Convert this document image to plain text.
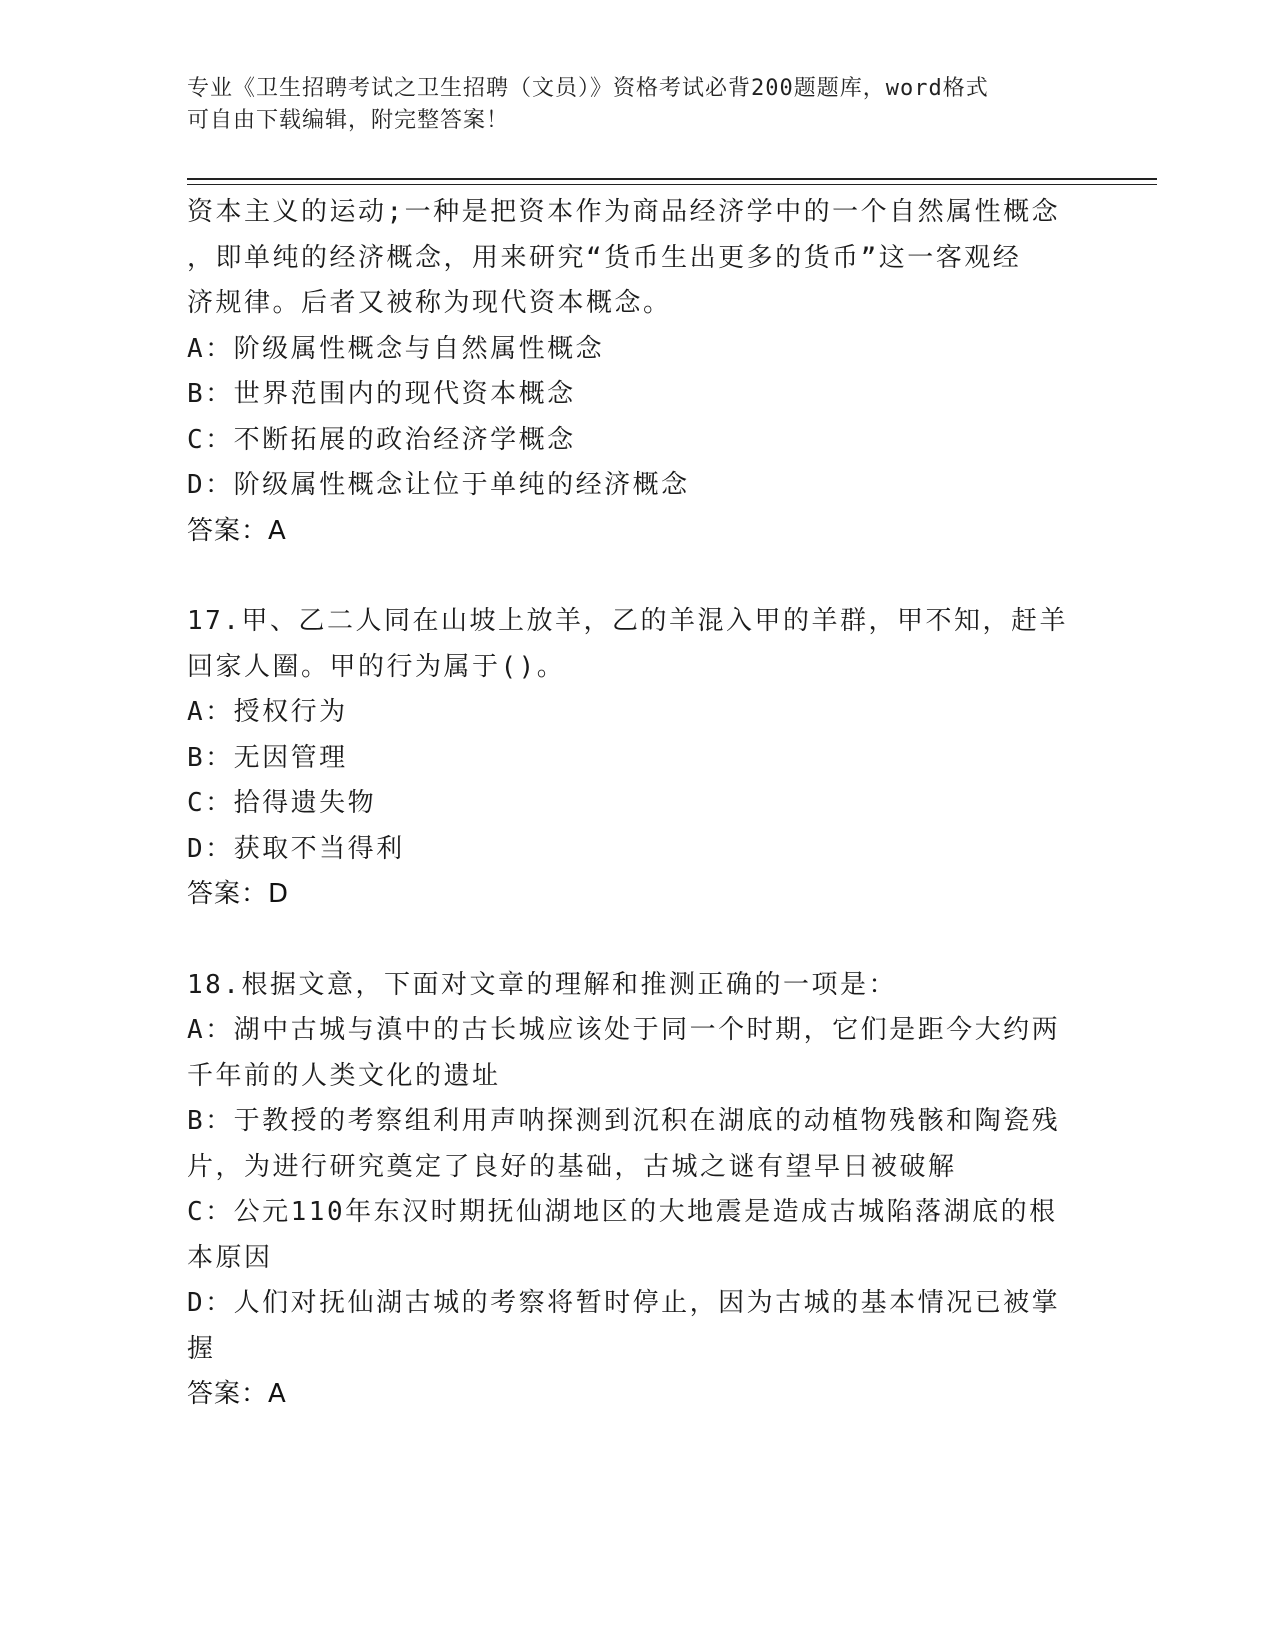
专业《卫生招聘考试之卫生招聘（文员）》资格考试必背200题题库，word格式
可自由下载编辑，附完整答案！

资本主义的运动;一种是把资本作为商品经济学中的一个自然属性概念

，即单纯的经济概念，用来研究“货币生出更多的货币”这一客观经

济规律。后者又被称为现代资本概念。

A：阶级属性概念与自然属性概念

B：世界范围内的现代资本概念

C：不断拓展的政治经济学概念

D：阶级属性概念让位于单纯的经济概念

答案：A

17.甲、乙二人同在山坡上放羊，乙的羊混入甲的羊群，甲不知，赶羊

回家人圈。甲的行为属于()。

A：授权行为

B：无因管理

C：拾得遗失物

D：获取不当得利

答案：D

18.根据文意，下面对文章的理解和推测正确的一项是：

A：湖中古城与滇中的古长城应该处于同一个时期，它们是距今大约两

千年前的人类文化的遗址

B：于教授的考察组利用声呐探测到沉积在湖底的动植物残骸和陶瓷残

片，为进行研究奠定了良好的基础，古城之谜有望早日被破解

C：公元110年东汉时期抚仙湖地区的大地震是造成古城陷落湖底的根

本原因

D：人们对抚仙湖古城的考察将暂时停止，因为古城的基本情况已被掌

握

答案：A
